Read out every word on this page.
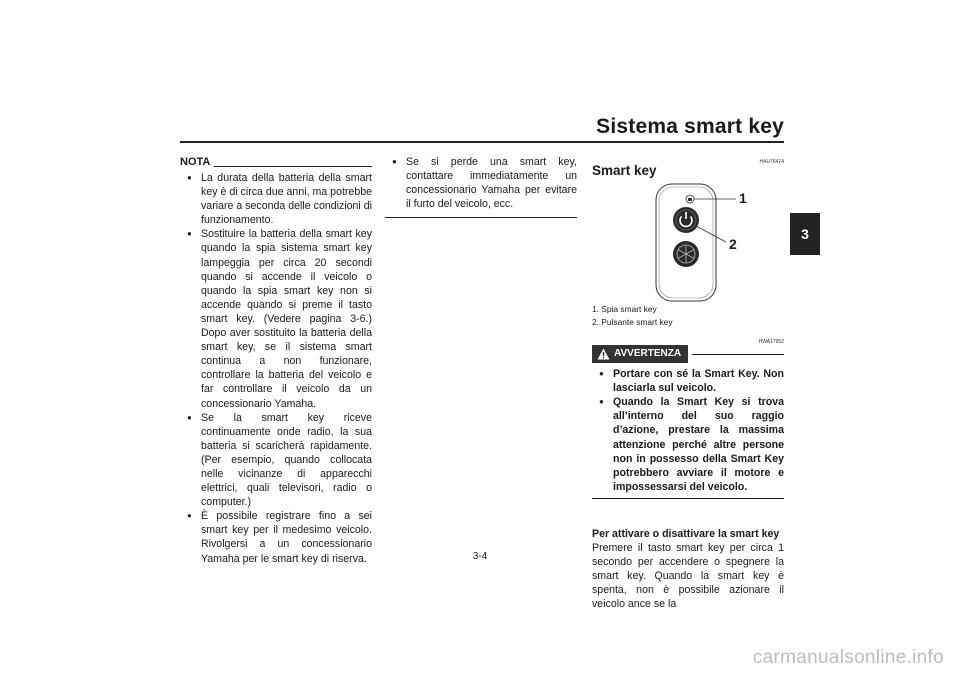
Sistema smart key
3
NOTA
● La durata della batteria della smart key è di circa due anni, ma potrebbe variare a seconda delle condizioni di funzionamento.
● Sostituire la batteria della smart key quando la spia sistema smart key lampeggia per circa 20 secondi quando si accende il veicolo o quando la spia smart key non si accende quando si preme il tasto smart key. (Vedere pagina 3-6.) Dopo aver sostituito la batteria della smart key, se il sistema smart continua a non funzionare, controllare la batteria del veicolo e far controllare il veicolo da un concessionario Yamaha.
● Se la smart key riceve continuamente onde radio, la sua batteria si scaricherà rapidamente. (Per esempio, quando collocata nelle vicinanze di apparecchi elettrici, quali televisori, radio o computer.)
● È possibile registrare fino a sei smart key per il medesimo veicolo. Rivolgersi a un concessionario Yamaha per le smart key di riserva.
● Se si perde una smart key, contattare immediatamente un concessionario Yamaha per evitare il furto del veicolo, ecc.
HAU76474
Smart key
1
2
1. Spia smart key
2. Pulsante smart key
HWA17952
AVVERTENZA
● Portare con sé la Smart Key. Non lasciarla sul veicolo.
● Quando la Smart Key si trova all’interno del suo raggio d’azione, prestare la massima attenzione perché altre persone non in possesso della Smart Key potrebbero avviare il motore e impossessarsi del veicolo.
Per attivare o disattivare la smart key
Premere il tasto smart key per circa 1 secondo per accendere o spegnere la smart key. Quando la smart key è spenta, non è possibile azionare il veicolo ance se la
3-4
carmanualsonline.info
